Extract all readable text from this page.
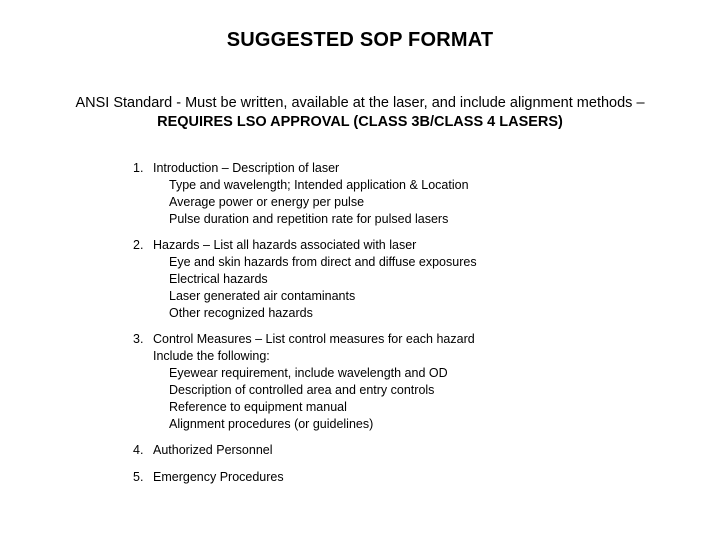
SUGGESTED SOP FORMAT
ANSI Standard - Must be written, available at the laser, and include alignment methods –
REQUIRES LSO APPROVAL (CLASS 3B/CLASS 4 LASERS)
1. Introduction – Description of laser
Type and wavelength; Intended application & Location
Average power or energy per pulse
Pulse duration and repetition rate for pulsed lasers
2. Hazards – List all hazards associated with laser
Eye and skin hazards from direct and diffuse exposures
Electrical hazards
Laser generated air contaminants
Other recognized hazards
3. Control Measures – List control measures for each hazard
Include the following:
Eyewear requirement, include wavelength and OD
Description of controlled area and entry controls
Reference to equipment manual
Alignment procedures (or guidelines)
4. Authorized Personnel
5. Emergency Procedures
